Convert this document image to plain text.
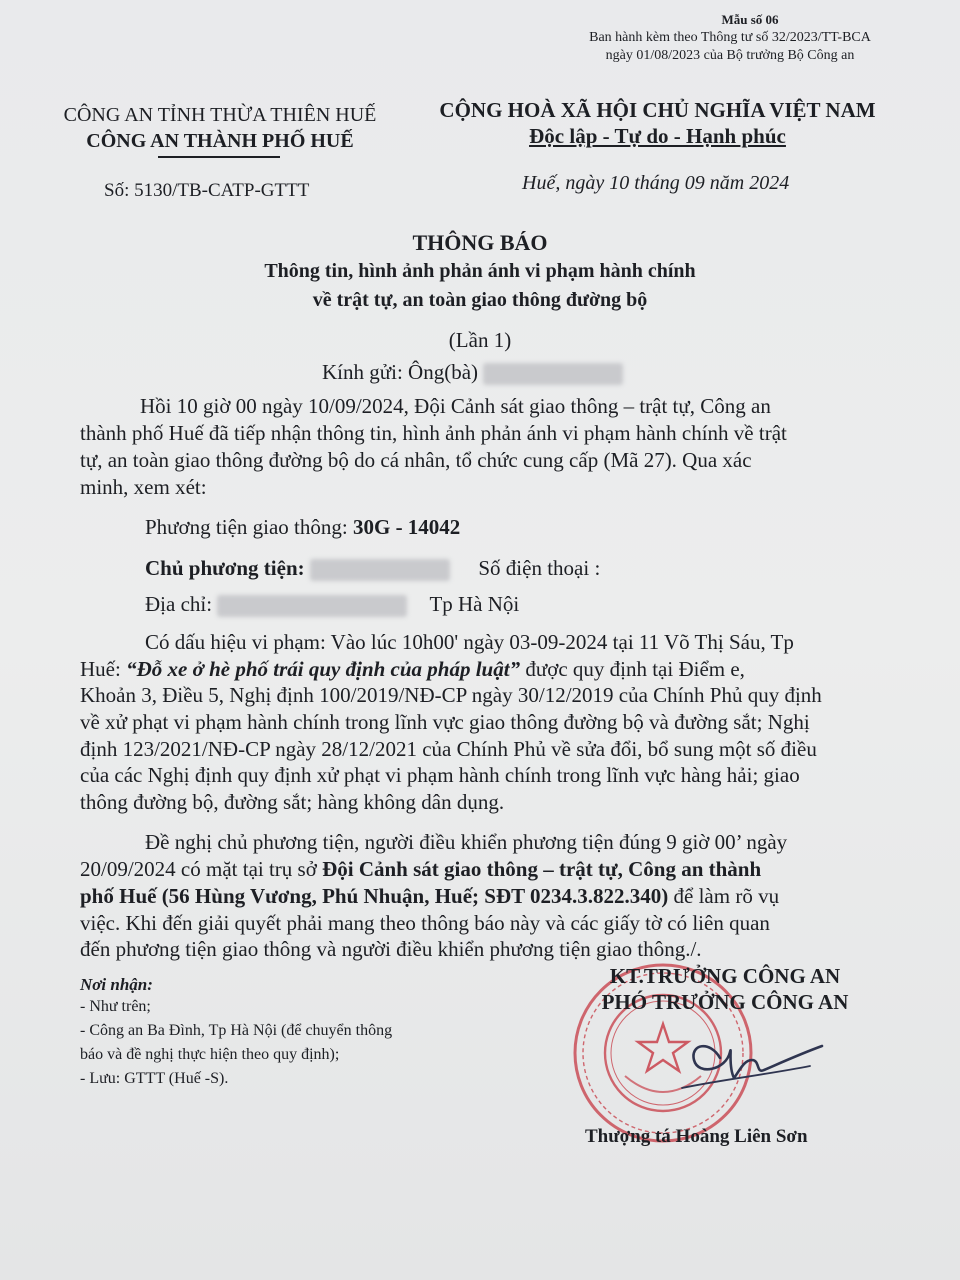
Mẫu số 06
Ban hành kèm theo Thông tư số 32/2023/TT-BCA
ngày 01/08/2023 của Bộ trưởng Bộ Công an
CÔNG AN TỈNH THỪA THIÊN HUẾ
CÔNG AN THÀNH PHỐ HUẾ
Số: 5130/TB-CATP-GTTT
CỘNG HOÀ XÃ HỘI CHỦ NGHĨA VIỆT NAM
Độc lập - Tự do - Hạnh phúc
Huế, ngày 10 tháng 09 năm 2024
THÔNG BÁO
Thông tin, hình ảnh phản ánh vi phạm hành chính
về trật tự, an toàn giao thông đường bộ
(Lần 1)
Kính gửi: Ông(bà)
Hồi 10 giờ 00 ngày 10/09/2024, Đội Cảnh sát giao thông – trật tự, Công an
thành phố Huế đã tiếp nhận thông tin, hình ảnh phản ánh vi phạm hành chính về trật
tự, an toàn giao thông đường bộ do cá nhân, tổ chức cung cấp (Mã 27). Qua xác
minh, xem xét:
Phương tiện giao thông: 30G - 14042
Chủ phương tiện:	Số điện thoại :
Địa chỉ:	Tp Hà Nội
Có dấu hiệu vi phạm: Vào lúc 10h00' ngày 03-09-2024 tại 11 Võ Thị Sáu, Tp
Huế: “Đỗ xe ở hè phố trái quy định của pháp luật” được quy định tại Điểm e,
Khoản 3, Điều 5, Nghị định 100/2019/NĐ-CP ngày 30/12/2019 của Chính Phủ quy định
về xử phạt vi phạm hành chính trong lĩnh vực giao thông đường bộ và đường sắt; Nghị
định 123/2021/NĐ-CP ngày 28/12/2021 của Chính Phủ về sửa đổi, bổ sung một số điều
của các Nghị định quy định xử phạt vi phạm hành chính trong lĩnh vực hàng hải; giao
thông đường bộ, đường sắt; hàng không dân dụng.
Đề nghị chủ phương tiện, người điều khiển phương tiện đúng 9 giờ 00’ ngày
20/09/2024 có mặt tại trụ sở Đội Cảnh sát giao thông – trật tự, Công an thành
phố Huế (56 Hùng Vương, Phú Nhuận, Huế; SĐT 0234.3.822.340) để làm rõ vụ
việc. Khi đến giải quyết phải mang theo thông báo này và các giấy tờ có liên quan
đến phương tiện giao thông và người điều khiển phương tiện giao thông./.
Nơi nhận:
- Như trên;
- Công an Ba Đình, Tp Hà Nội (để chuyển thông
báo và đề nghị thực hiện theo quy định);
- Lưu: GTTT (Huế -S).
KT.TRƯỞNG CÔNG AN
PHÓ TRƯỞNG CÔNG AN
Thượng tá Hoàng Liên Sơn
